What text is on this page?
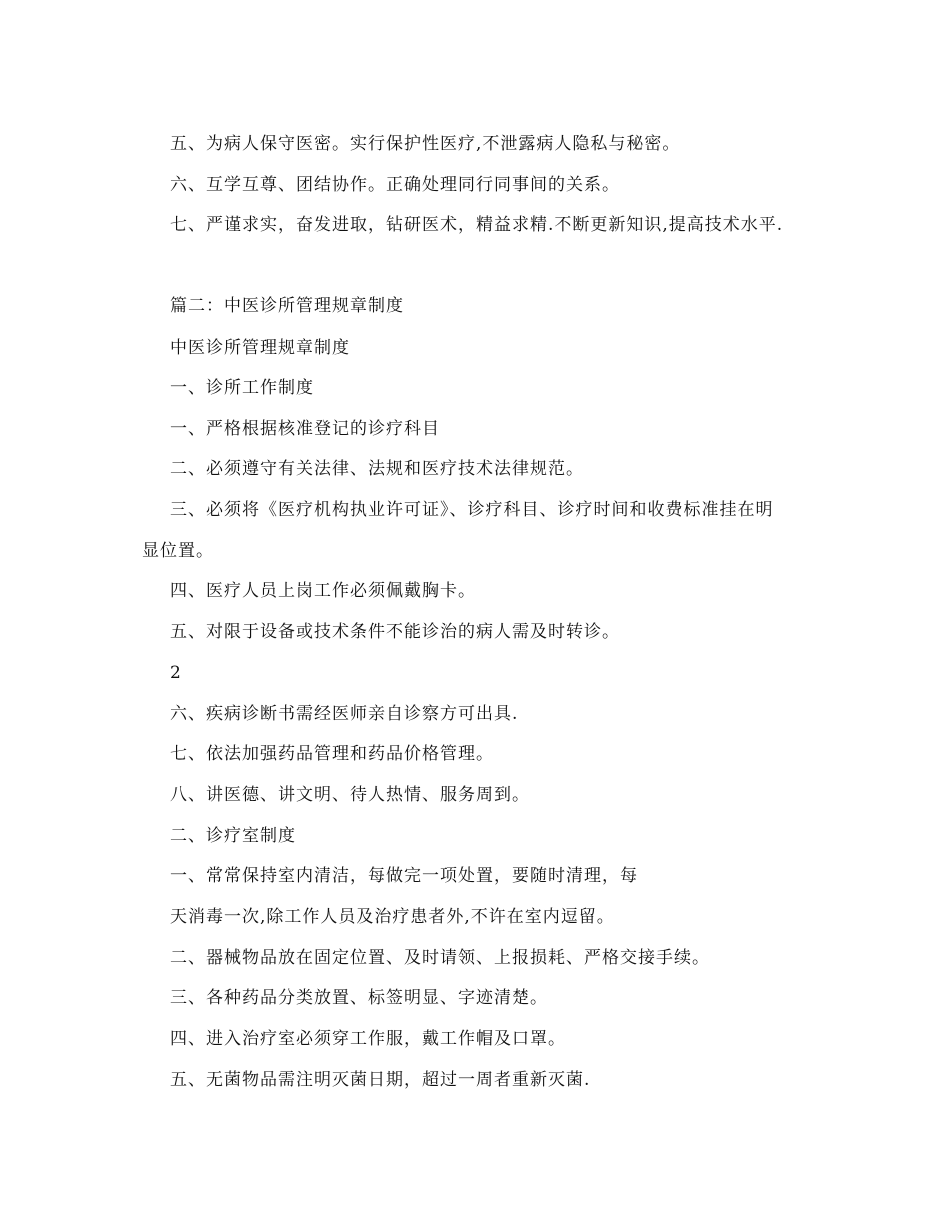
五、为病人保守医密。实行保护性医疗,不泄露病人隐私与秘密。
六、互学互尊、团结协作。正确处理同行同事间的关系。
七、严谨求实，奋发进取，钻研医术，精益求精.不断更新知识,提高技术水平.
篇二：中医诊所管理规章制度
中医诊所管理规章制度
一、诊所工作制度
一、严格根据核准登记的诊疗科目
二、必须遵守有关法律、法规和医疗技术法律规范。
三、必须将《医疗机构执业许可证》、诊疗科目、诊疗时间和收费标准挂在明
显位置。
四、医疗人员上岗工作必须佩戴胸卡。
五、对限于设备或技术条件不能诊治的病人需及时转诊。
2
六、疾病诊断书需经医师亲自诊察方可出具.
七、依法加强药品管理和药品价格管理。
八、讲医德、讲文明、待人热情、服务周到。
二、诊疗室制度
一、常常保持室内清洁，每做完一项处置，要随时清理，每
天消毒一次,除工作人员及治疗患者外,不许在室内逗留。
二、器械物品放在固定位置、及时请领、上报损耗、严格交接手续。
三、各种药品分类放置、标签明显、字迹清楚。
四、进入治疗室必须穿工作服，戴工作帽及口罩。
五、无菌物品需注明灭菌日期，超过一周者重新灭菌.
